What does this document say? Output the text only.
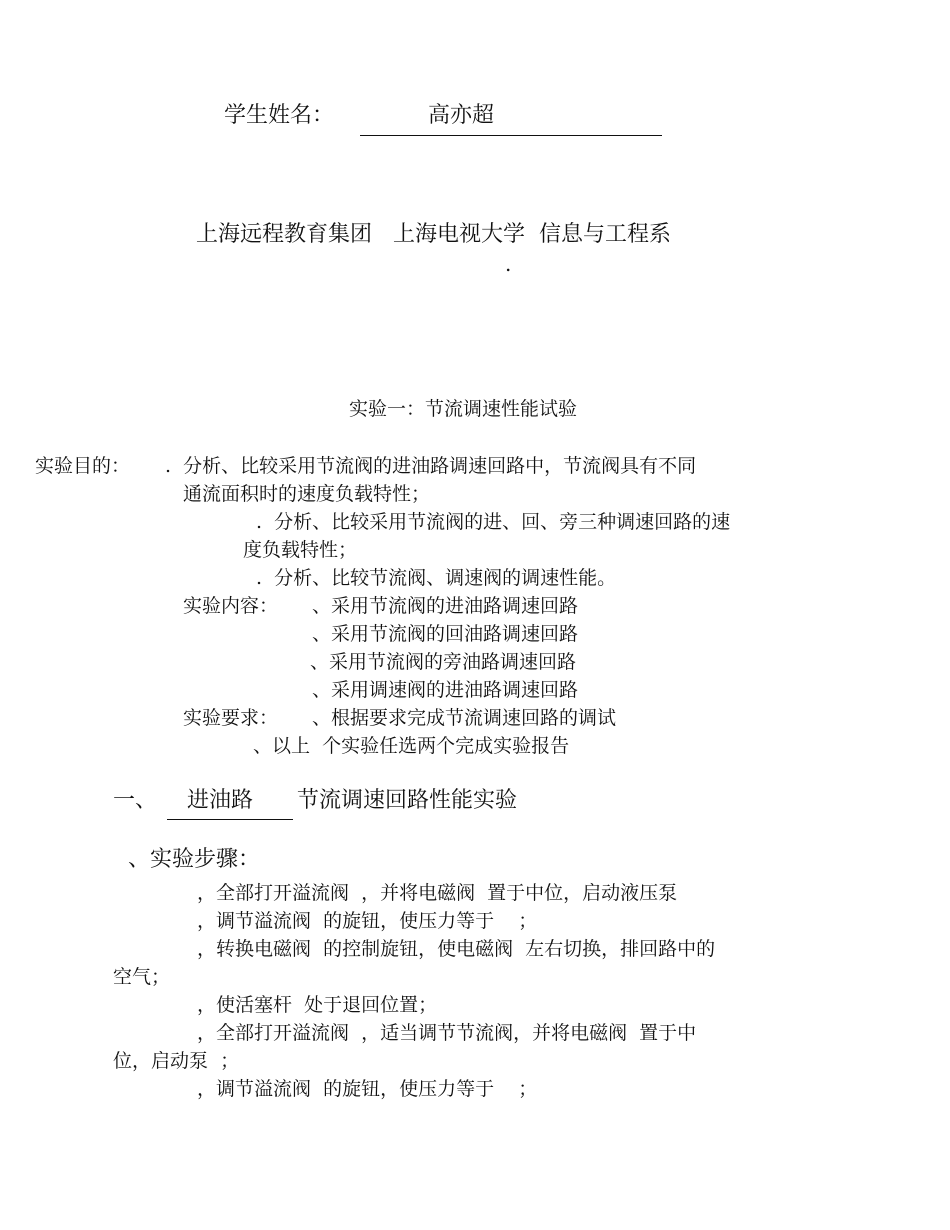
学生姓名：	高亦超
上海远程教育集团   上海电视大学  信息与工程系
.
实验一：节流调速性能试验
实验目的： .  分析、比较采用节流阀的进油路调速回路中，节流阀具有不同
通流面积时的速度负载特性；
.  分析、比较采用节流阀的进、回、旁三种调速回路的速
度负载特性；
.  分析、比较节流阀、调速阀的调速性能。
实验内容： 、采用节流阀的进油路调速回路
、采用节流阀的回油路调速回路
、采用节流阀的旁油路调速回路
、采用调速阀的进油路调速回路
实验要求： 、根据要求完成节流调速回路的调试
、以上  个实验任选两个完成实验报告
一、 进油路 节流调速回路性能实验
、实验步骤：
，全部打开溢流阀  ，并将电磁阀  置于中位，启动液压泵
，调节溢流阀  的旋钮，使压力等于    ；
，转换电磁阀  的控制旋钮，使电磁阀  左右切换，排回路中的
空气；
，使活塞杆  处于退回位置；
，全部打开溢流阀  ，适当调节节流阀，并将电磁阀  置于中
位，启动泵  ；
，调节溢流阀  的旋钮，使压力等于    ；
